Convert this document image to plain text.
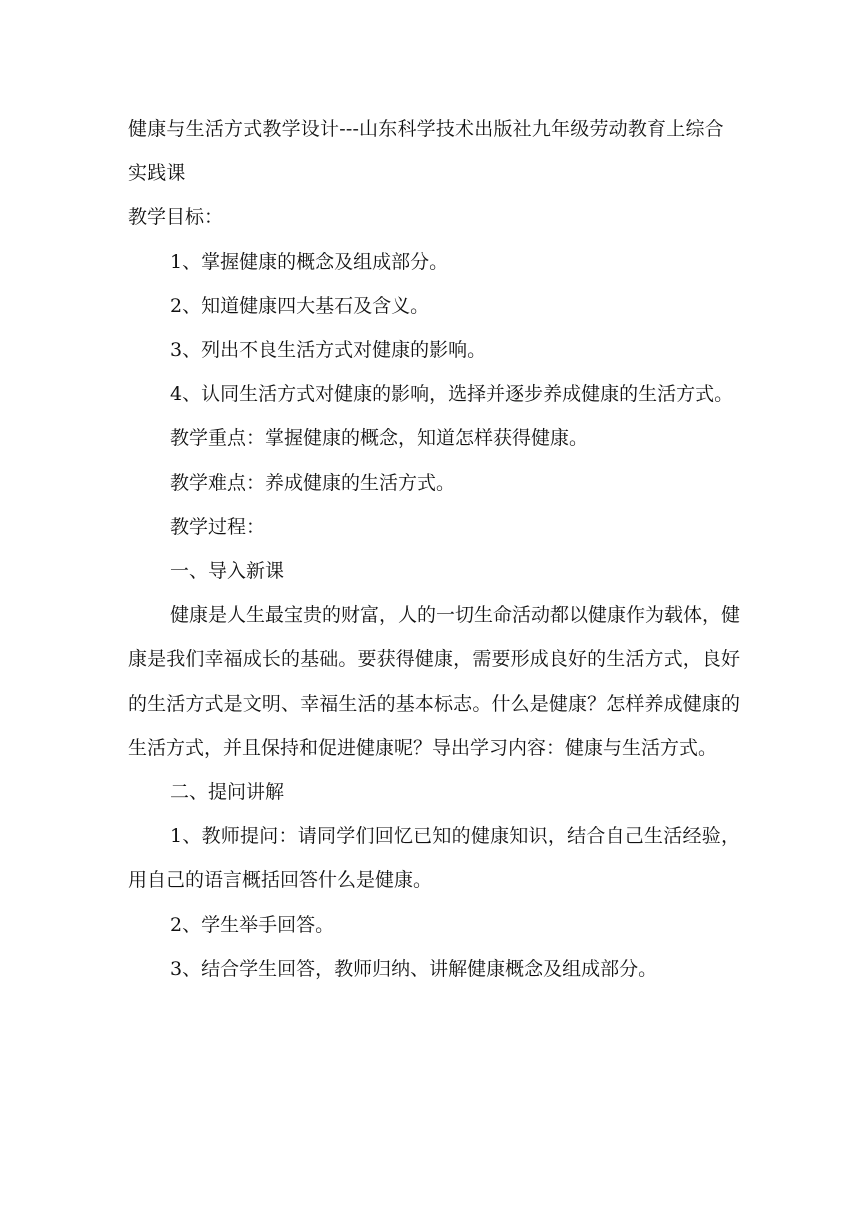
健康与生活方式教学设计---山东科学技术出版社九年级劳动教育上综合实践课

教学目标：

1、掌握健康的概念及组成部分。

2、知道健康四大基石及含义。

3、列出不良生活方式对健康的影响。

4、认同生活方式对健康的影响，选择并逐步养成健康的生活方式。

教学重点：掌握健康的概念，知道怎样获得健康。

教学难点：养成健康的生活方式。

教学过程：

一、导入新课

健康是人生最宝贵的财富，人的一切生命活动都以健康作为载体，健康是我们幸福成长的基础。要获得健康，需要形成良好的生活方式，良好的生活方式是文明、幸福生活的基本标志。什么是健康？怎样养成健康的生活方式，并且保持和促进健康呢？导出学习内容：健康与生活方式。

二、提问讲解

1、教师提问：请同学们回忆已知的健康知识，结合自己生活经验，用自己的语言概括回答什么是健康。

2、学生举手回答。

3、结合学生回答，教师归纳、讲解健康概念及组成部分。
